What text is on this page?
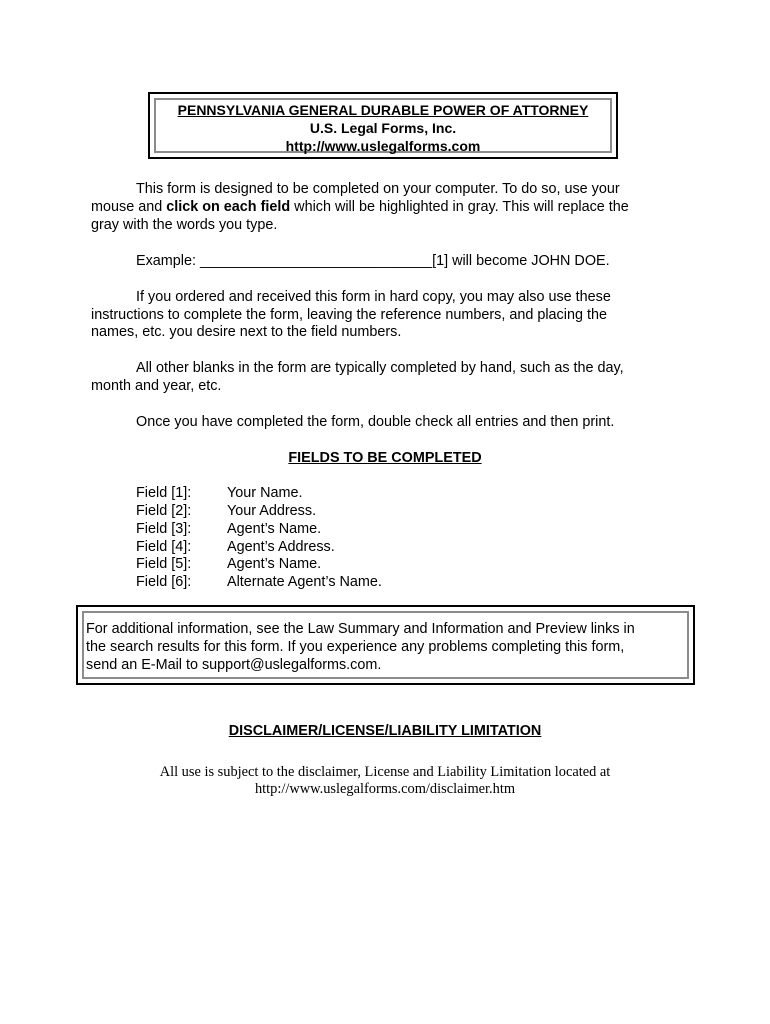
PENNSYLVANIA GENERAL DURABLE POWER OF ATTORNEY
U.S. Legal Forms, Inc.
http://www.uslegalforms.com
This form is designed to be completed on your computer. To do so, use your
mouse and click on each field which will be highlighted in gray. This will replace the
gray with the words you type.
Example: _____________________________[1] will become JOHN DOE.
If you ordered and received this form in hard copy, you may also use these
instructions to complete the form, leaving the reference numbers, and placing the
names, etc. you desire next to the field numbers.
All other blanks in the form are typically completed by hand, such as the day,
month and year, etc.
Once you have completed the form, double check all entries and then print.
FIELDS TO BE COMPLETED
Field [1]: Your Name.
Field [2]: Your Address.
Field [3]: Agent’s Name.
Field [4]: Agent’s Address.
Field [5]: Agent’s Name.
Field [6]: Alternate Agent’s Name.
For additional information, see the Law Summary and Information and Preview links in
the search results for this form. If you experience any problems completing this form,
send an E-Mail to support@uslegalforms.com.
DISCLAIMER/LICENSE/LIABILITY LIMITATION
All use is subject to the disclaimer, License and Liability Limitation located at
http://www.uslegalforms.com/disclaimer.htm
